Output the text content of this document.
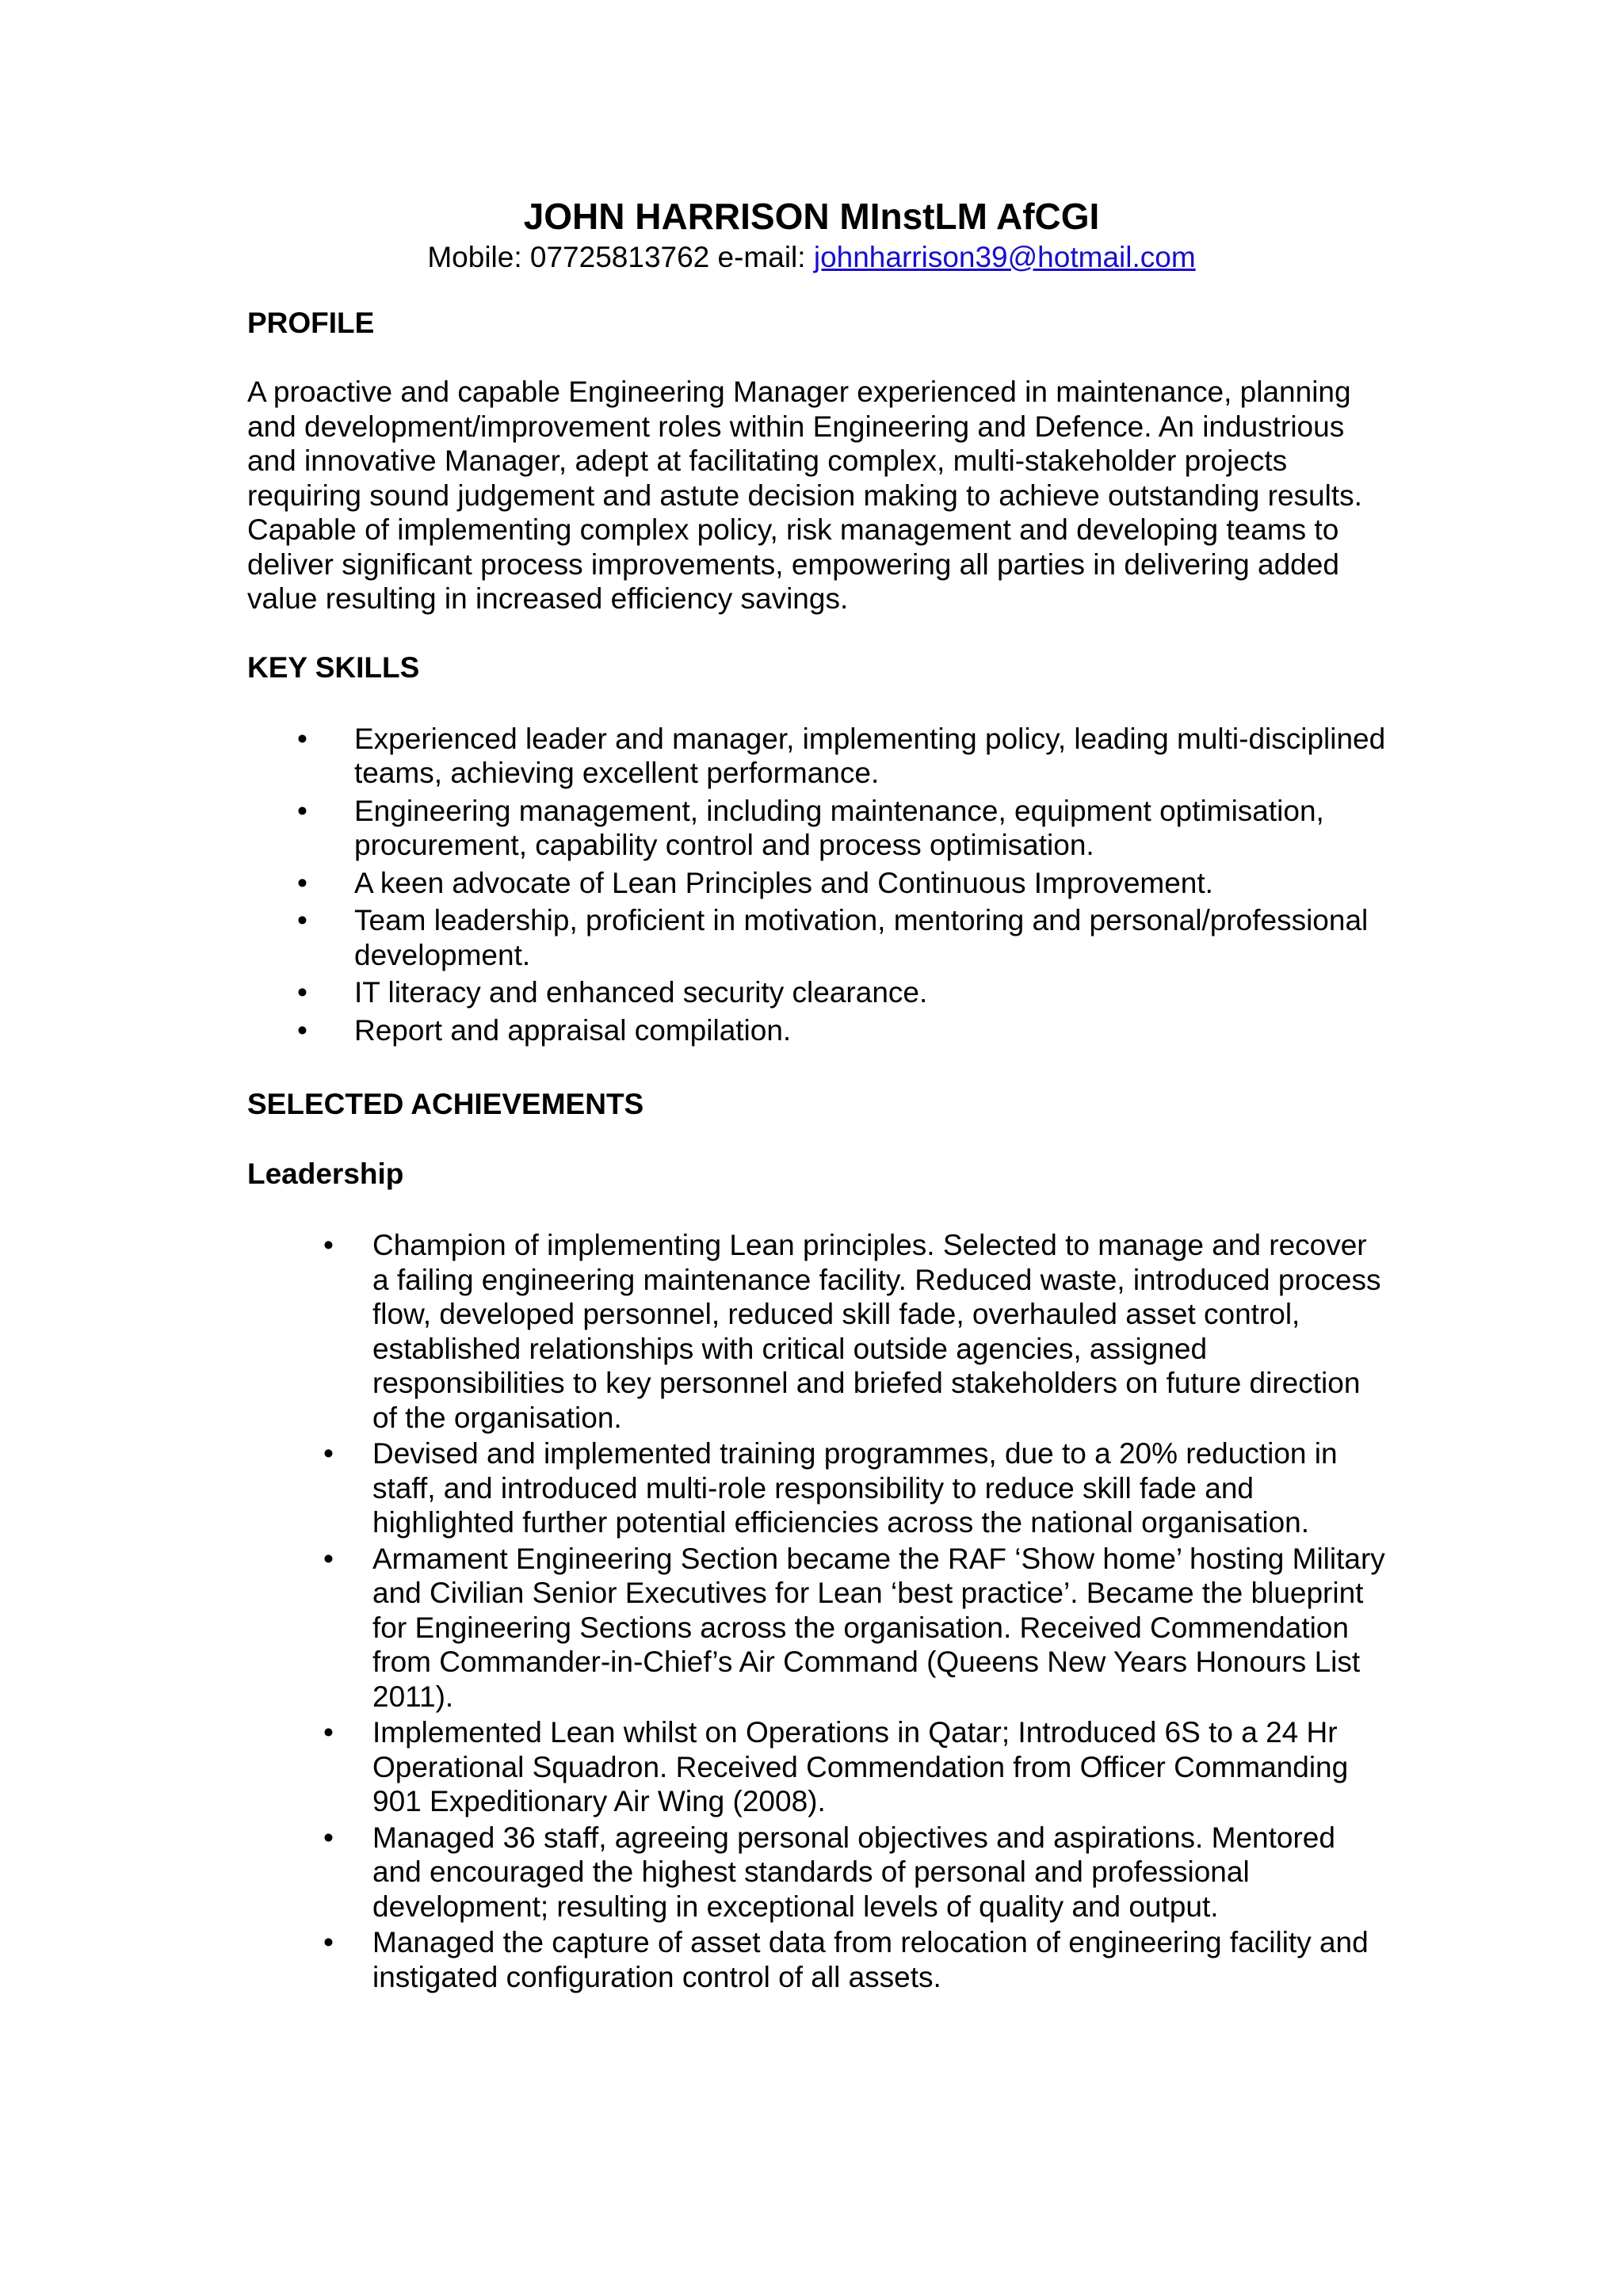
JOHN HARRISON MInstLM AfCGI

Mobile: 07725813762 e-mail: johnharrison39@hotmail.com

PROFILE

A proactive and capable Engineering Manager experienced in maintenance, planning and development/improvement roles within Engineering and Defence. An industrious and innovative Manager, adept at facilitating complex, multi-stakeholder projects requiring sound judgement and astute decision making to achieve outstanding results. Capable of implementing complex policy, risk management and developing teams to deliver significant process improvements, empowering all parties in delivering added value resulting in increased efficiency savings.

KEY SKILLS

• Experienced leader and manager, implementing policy, leading multi-disciplined teams, achieving excellent performance.
• Engineering management, including maintenance, equipment optimisation, procurement, capability control and process optimisation.
• A keen advocate of Lean Principles and Continuous Improvement.
• Team leadership, proficient in motivation, mentoring and personal/professional development.
• IT literacy and enhanced security clearance.
• Report and appraisal compilation.

SELECTED ACHIEVEMENTS

Leadership

• Champion of implementing Lean principles. Selected to manage and recover a failing engineering maintenance facility. Reduced waste, introduced process flow, developed personnel, reduced skill fade, overhauled asset control, established relationships with critical outside agencies, assigned responsibilities to key personnel and briefed stakeholders on future direction of the organisation.
• Devised and implemented training programmes, due to a 20% reduction in staff, and introduced multi-role responsibility to reduce skill fade and highlighted further potential efficiencies across the national organisation.
• Armament Engineering Section became the RAF ‘Show home’ hosting Military and Civilian Senior Executives for Lean ‘best practice’. Became the blueprint for Engineering Sections across the organisation. Received Commendation from Commander-in-Chief’s Air Command (Queens New Years Honours List 2011).
• Implemented Lean whilst on Operations in Qatar; Introduced 6S to a 24 Hr Operational Squadron. Received Commendation from Officer Commanding 901 Expeditionary Air Wing (2008).
• Managed 36 staff, agreeing personal objectives and aspirations. Mentored and encouraged the highest standards of personal and professional development; resulting in exceptional levels of quality and output.
• Managed the capture of asset data from relocation of engineering facility and instigated configuration control of all assets.
